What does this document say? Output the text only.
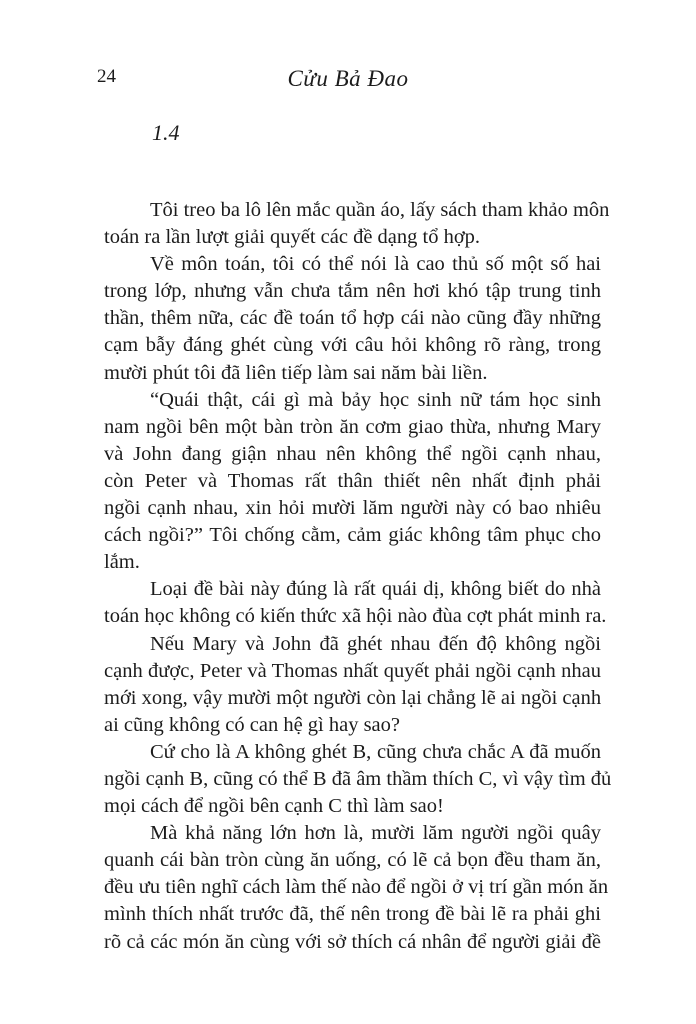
24	Cửu Bả Đao
1.4

Tôi treo ba lô lên mắc quần áo, lấy sách tham khảo môn
toán ra lần lượt giải quyết các đề dạng tổ hợp.

Về môn toán, tôi có thể nói là cao thủ số một số hai
trong lớp, nhưng vẫn chưa tắm nên hơi khó tập trung tinh
thần, thêm nữa, các đề toán tổ hợp cái nào cũng đầy những
cạm bẫy đáng ghét cùng với câu hỏi không rõ ràng, trong
mười phút tôi đã liên tiếp làm sai năm bài liền.

“Quái thật, cái gì mà bảy học sinh nữ tám học sinh
nam ngồi bên một bàn tròn ăn cơm giao thừa, nhưng Mary
và John đang giận nhau nên không thể ngồi cạnh nhau,
còn Peter và Thomas rất thân thiết nên nhất định phải
ngồi cạnh nhau, xin hỏi mười lăm người này có bao nhiêu
cách ngồi?” Tôi chống cằm, cảm giác không tâm phục cho
lắm.

Loại đề bài này đúng là rất quái dị, không biết do nhà
toán học không có kiến thức xã hội nào đùa cợt phát minh ra.

Nếu Mary và John đã ghét nhau đến độ không ngồi
cạnh được, Peter và Thomas nhất quyết phải ngồi cạnh nhau
mới xong, vậy mười một người còn lại chẳng lẽ ai ngồi cạnh
ai cũng không có can hệ gì hay sao?

Cứ cho là A không ghét B, cũng chưa chắc A đã muốn
ngồi cạnh B, cũng có thể B đã âm thầm thích C, vì vậy tìm đủ
mọi cách để ngồi bên cạnh C thì làm sao!

Mà khả năng lớn hơn là, mười lăm người ngồi quây
quanh cái bàn tròn cùng ăn uống, có lẽ cả bọn đều tham ăn,
đều ưu tiên nghĩ cách làm thế nào để ngồi ở vị trí gần món ăn
mình thích nhất trước đã, thế nên trong đề bài lẽ ra phải ghi
rõ cả các món ăn cùng với sở thích cá nhân để người giải đề
